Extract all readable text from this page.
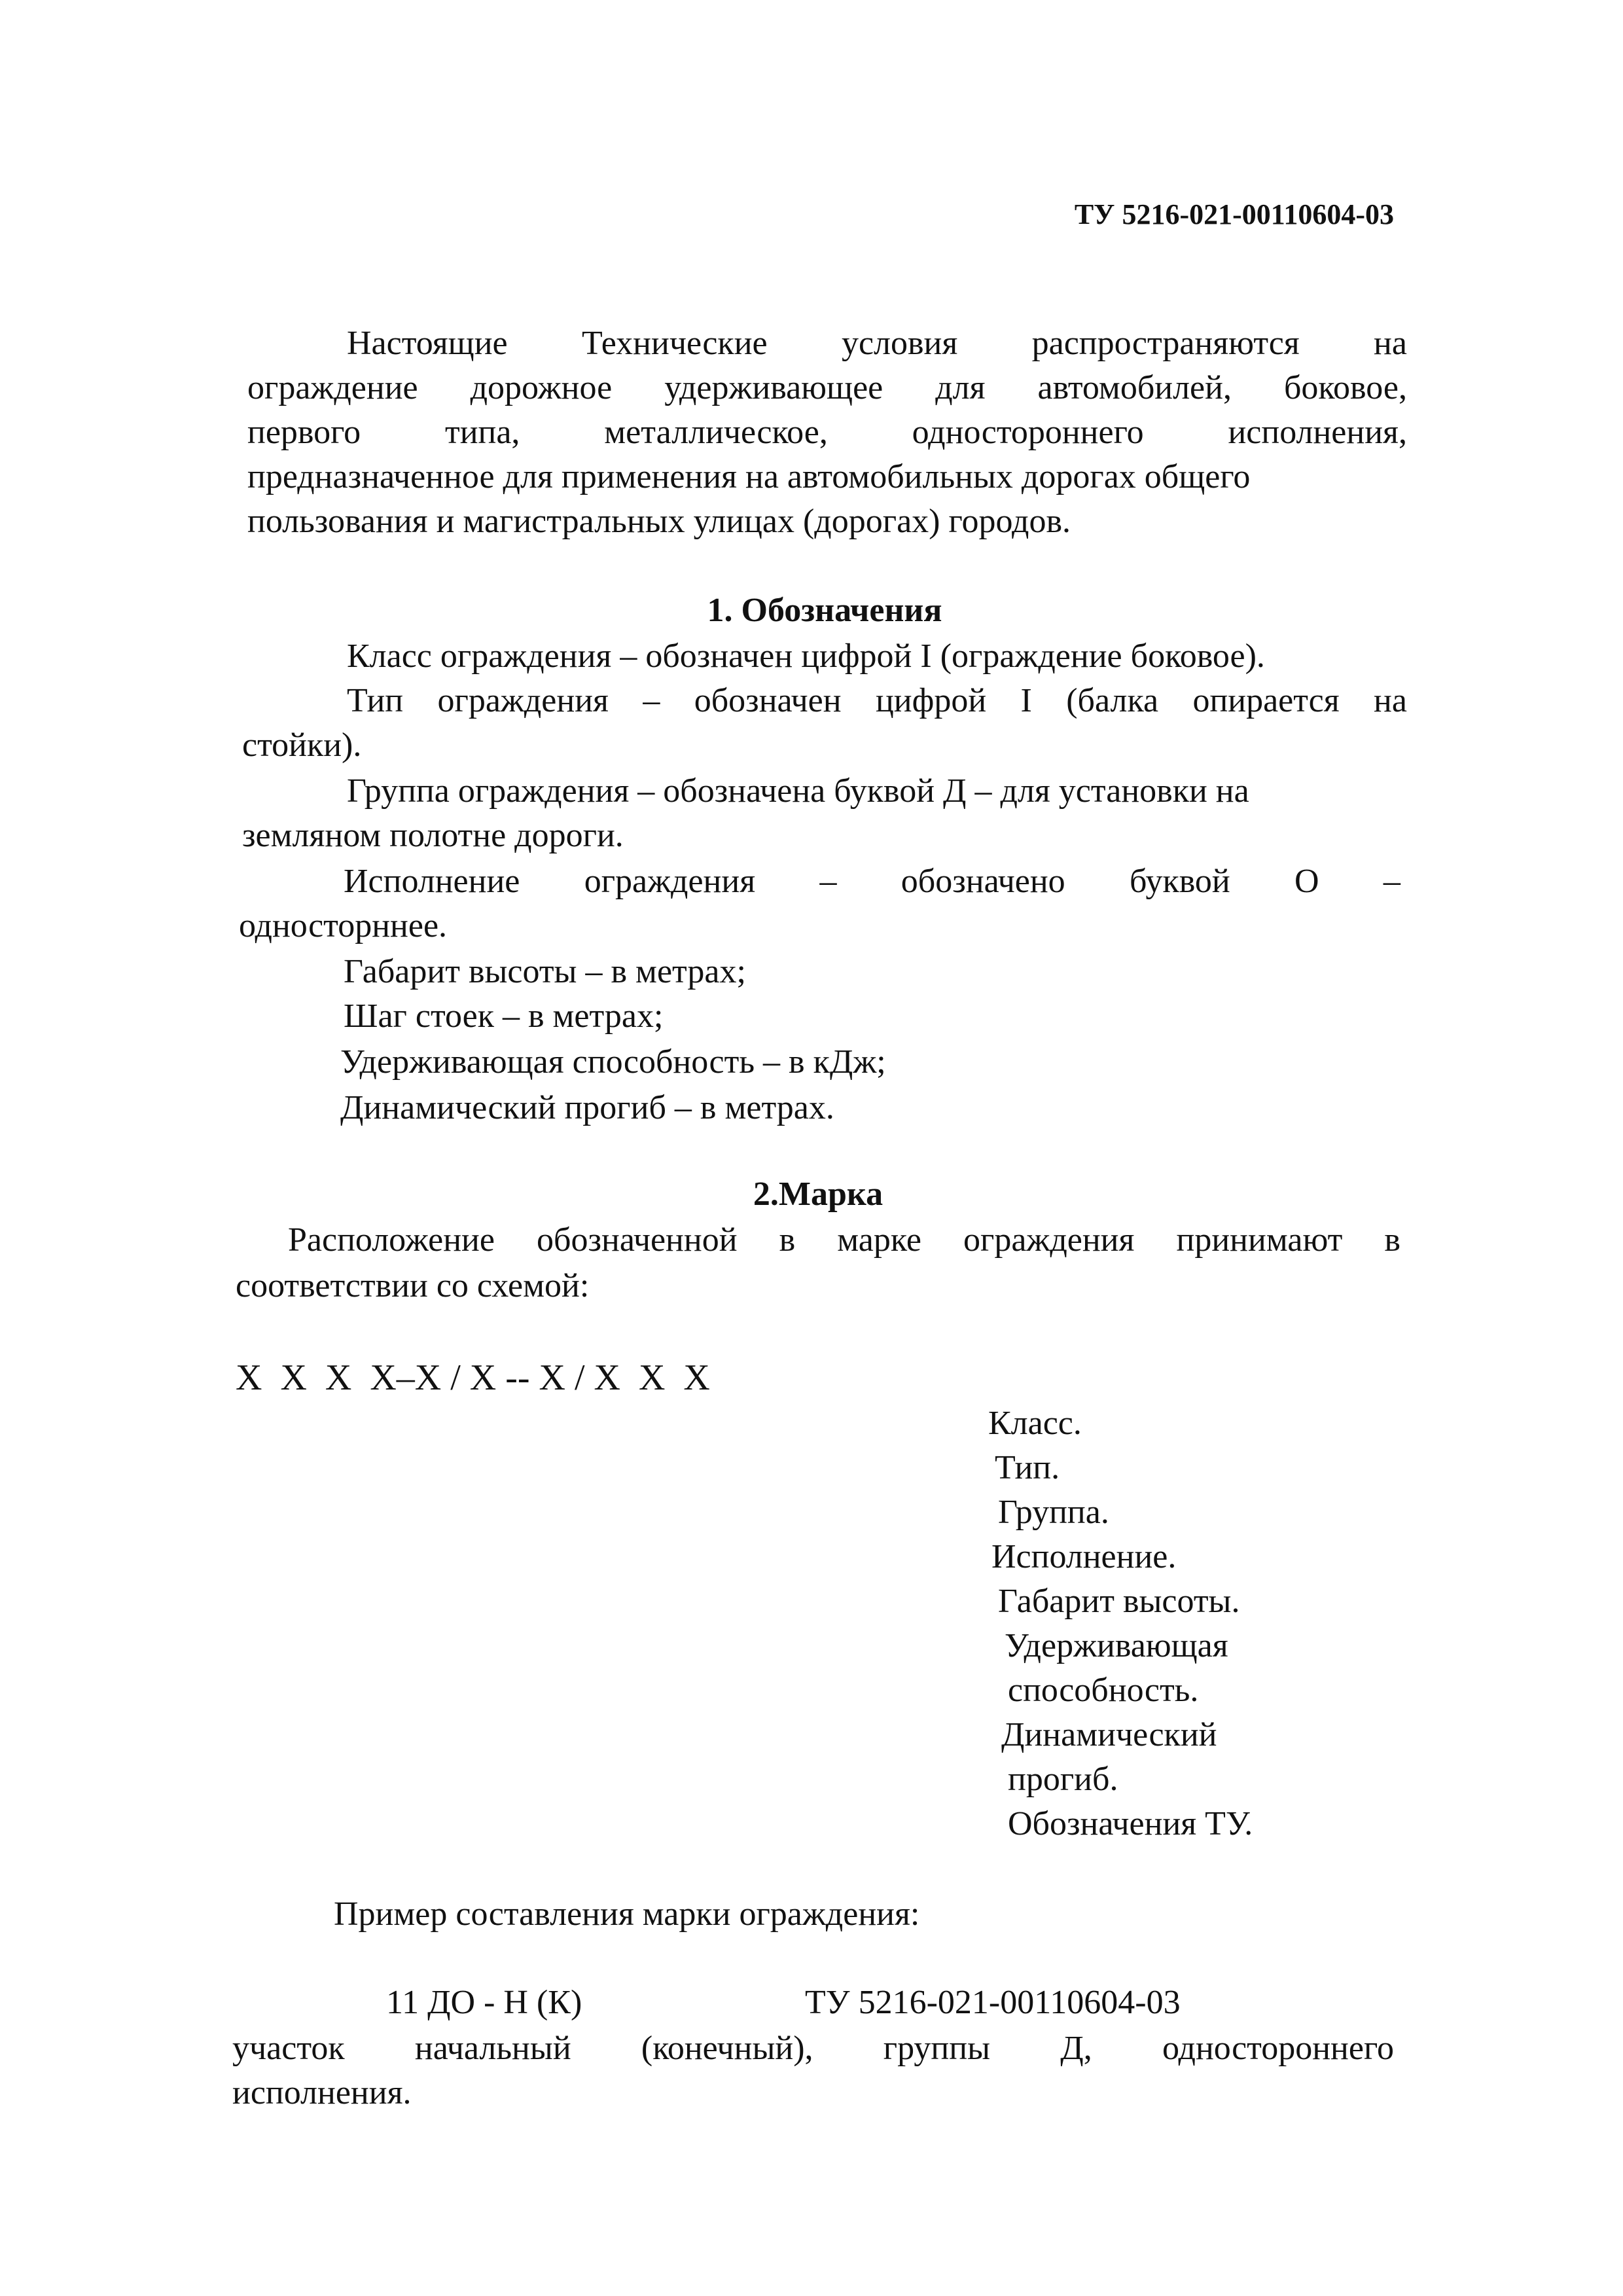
ТУ 5216-021-00110604-03
Настоящие Технические условия распространяются на
ограждение дорожное удерживающее для автомобилей, боковое,
первого типа, металлическое, одностороннего исполнения,
предназначенное для применения на автомобильных дорогах общего
пользования и магистральных улицах (дорогах) городов.
1. Обозначения
Класс ограждения – обозначен цифрой I (ограждение боковое).
Тип ограждения – обозначен цифрой I (балка опирается на
стойки).
Группа ограждения – обозначена буквой Д – для установки на
земляном полотне дороги.
Исполнение ограждения – обозначено буквой О –
односторннее.
Габарит высоты – в метрах;
Шаг стоек – в метрах;
Удерживающая способность – в кДж;
Динамический прогиб – в метрах.
2.Марка
Расположение обозначенной в марке ограждения принимают в
соответствии со схемой:
Х  Х  Х  Х–Х / Х -- Х / Х  Х  Х
Класс.
Тип.
Группа.
Исполнение.
Габарит высоты.
Удерживающая
способность.
Динамический
прогиб.
Обозначения ТУ.
Пример составления марки ограждения:
11 ДО - Н (К)	ТУ 5216-021-00110604-03
участок начальный (конечный), группы Д, одностороннего
исполнения.
